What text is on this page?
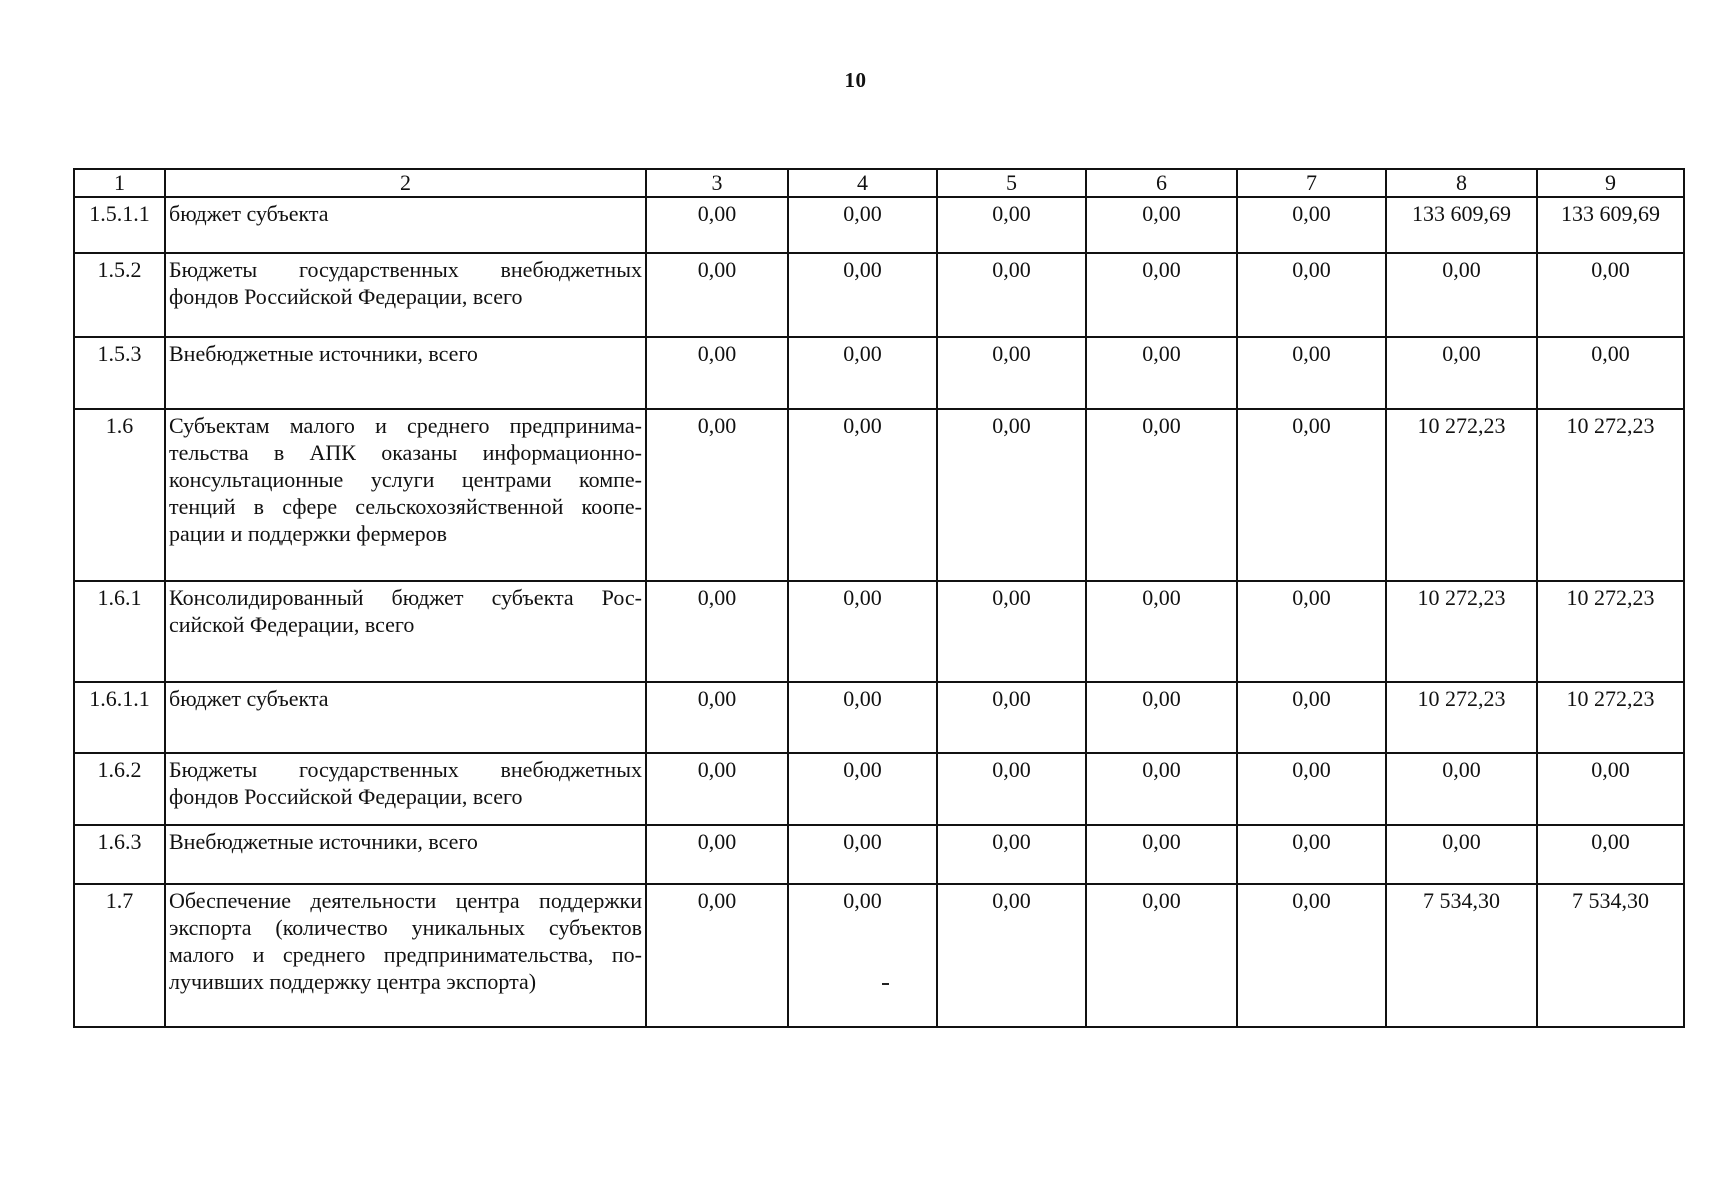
10
1	2	3	4	5	6	7	8	9
1.5.1.1	бюджет субъекта	0,00	0,00	0,00	0,00	0,00	133 609,69	133 609,69
1.5.2	Бюджеты государственных внебюджетных фондов Российской Федерации, всего	0,00	0,00	0,00	0,00	0,00	0,00	0,00
1.5.3	Внебюджетные источники, всего	0,00	0,00	0,00	0,00	0,00	0,00	0,00
1.6	Субъектам малого и среднего предпринима-тельства в АПК оказаны информационно-консультационные услуги центрами компе-тенций в сфере сельскохозяйственной коопе-рации и поддержки фермеров	0,00	0,00	0,00	0,00	0,00	10 272,23	10 272,23
1.6.1	Консолидированный бюджет субъекта Рос-сийской Федерации, всего	0,00	0,00	0,00	0,00	0,00	10 272,23	10 272,23
1.6.1.1	бюджет субъекта	0,00	0,00	0,00	0,00	0,00	10 272,23	10 272,23
1.6.2	Бюджеты государственных внебюджетных фондов Российской Федерации, всего	0,00	0,00	0,00	0,00	0,00	0,00	0,00
1.6.3	Внебюджетные источники, всего	0,00	0,00	0,00	0,00	0,00	0,00	0,00
1.7	Обеспечение деятельности центра поддержки экспорта (количество уникальных субъектов малого и среднего предпринимательства, по-лучивших поддержку центра экспорта)	0,00	0,00	0,00	0,00	0,00	7 534,30	7 534,30
